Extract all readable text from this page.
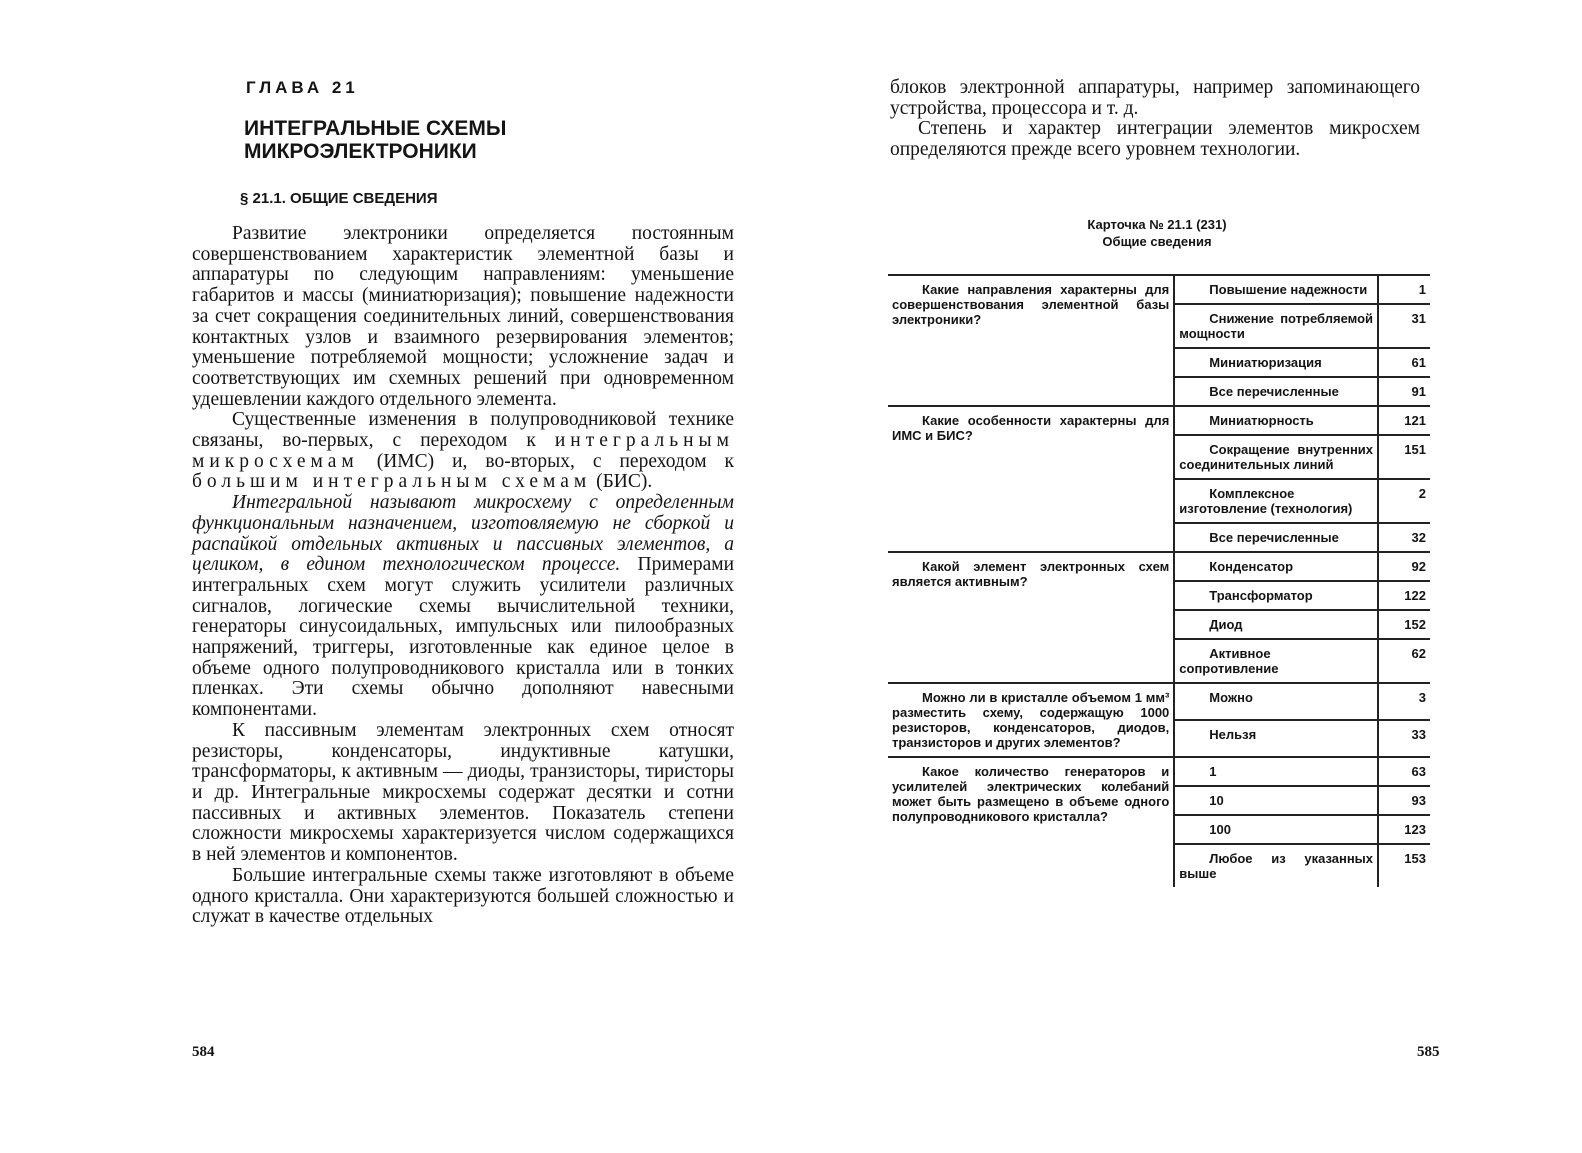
ГЛАВА 21
ИНТЕГРАЛЬНЫЕ СХЕМЫ
МИКРОЭЛЕКТРОНИКИ
§ 21.1. ОБЩИЕ СВЕДЕНИЯ

Развитие электроники определяется постоянным совершенствованием характеристик элементной базы и аппаратуры по следующим направлениям: уменьшение габаритов и массы (миниатюризация); повышение надежности за счет сокращения соединительных линий, совершенствования контактных узлов и взаимного резервирования элементов; уменьшение потребляемой мощности; усложнение задач и соответствующих им схемных решений при одновременном удешевлении каждого отдельного элемента.

Существенные изменения в полупроводниковой технике связаны, во-первых, с переходом к интегральным микросхемам (ИМС) и, во-вторых, с переходом к большим интегральным схемам (БИС).

Интегральной называют микросхему с определенным функциональным назначением, изготовляемую не сборкой и распайкой отдельных активных и пассивных элементов, а целиком, в едином технологическом процессе. Примерами интегральных схем могут служить усилители различных сигналов, логические схемы вычислительной техники, генераторы синусоидальных, импульсных или пилообразных напряжений, триггеры, изготовленные как единое целое в объеме одного полупроводникового кристалла или в тонких пленках. Эти схемы обычно дополняют навесными компонентами.

К пассивным элементам электронных схем относят резисторы, конденсаторы, индуктивные катушки, трансформаторы, к активным — диоды, транзисторы, тиристоры и др. Интегральные микросхемы содержат десятки и сотни пассивных и активных элементов. Показатель степени сложности микросхемы характеризуется числом содержащихся в ней элементов и компонентов.

Большие интегральные схемы также изготовляют в объеме одного кристалла. Они характеризуются большей сложностью и служат в качестве отдельных

584

блоков электронной аппаратуры, например запоминающего устройства, процессора и т. д.

Степень и характер интеграции элементов микросхем определяются прежде всего уровнем технологии.

Карточка № 21.1 (231)
Общие сведения
Какие направления характерны для совершенствования элементной базы электроники?	Повышение надежности	1
	Снижение потребляемой мощности	31
	Миниатюризация	61
	Все перечисленные	91
Какие особенности характерны для ИМС и БИС?	Миниатюрность	121
	Сокращение внутренних соединительных линий	151
	Комплексное изготовление (технология)	2
	Все перечисленные	32
Какой элемент электронных схем является активным?	Конденсатор	92
	Трансформатор	122
	Диод	152
	Активное сопротивление	62
Можно ли в кристалле объемом 1 мм³ разместить схему, содержащую 1000 резисторов, конденсаторов, диодов, транзисторов и других элементов?	Можно	3
	Нельзя	33
Какое количество генераторов и усилителей электрических колебаний может быть размещено в объеме одного полупроводникового кристалла?	1	63
	10	93
	100	123
	Любое из указанных выше	153
585
